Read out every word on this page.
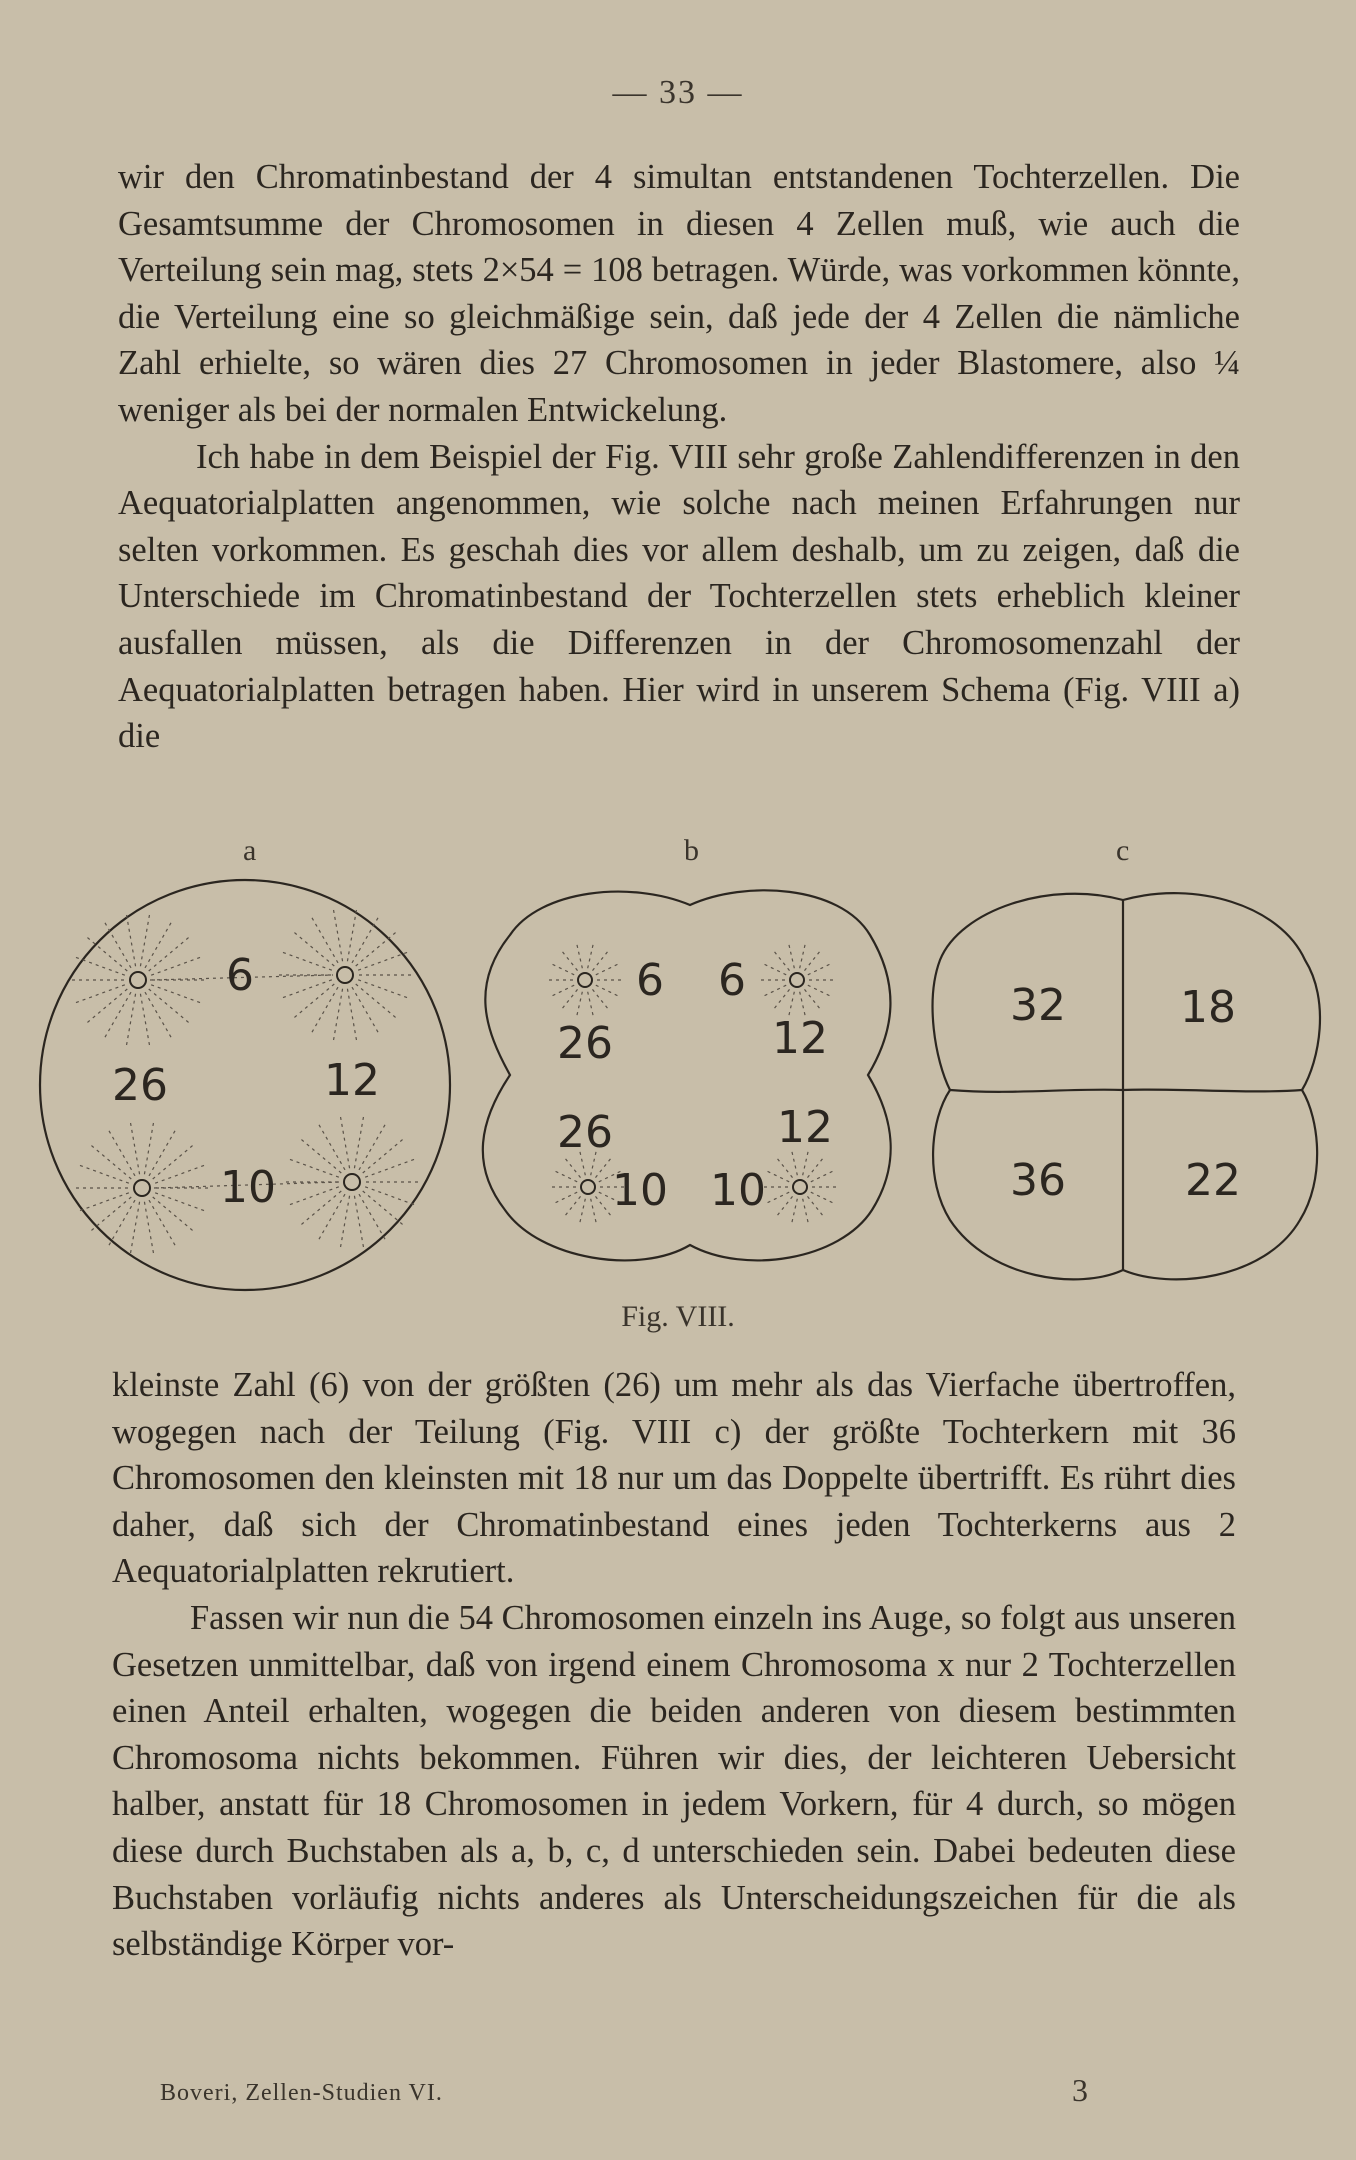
— 33 —

wir den Chromatinbestand der 4 simultan entstandenen Tochterzellen. Die Gesamtsumme der Chromosomen in diesen 4 Zellen muß, wie auch die Verteilung sein mag, stets 2×54 = 108 betragen. Würde, was vorkommen könnte, die Verteilung eine so gleichmäßige sein, daß jede der 4 Zellen die nämliche Zahl erhielte, so wären dies 27 Chromosomen in jeder Blastomere, also ¼ weniger als bei der normalen Entwickelung.

Ich habe in dem Beispiel der Fig. VIII sehr große Zahlendifferenzen in den Aequatorialplatten angenommen, wie solche nach meinen Erfahrungen nur selten vorkommen. Es geschah dies vor allem deshalb, um zu zeigen, daß die Unterschiede im Chromatinbestand der Tochterzellen stets erheblich kleiner ausfallen müssen, als die Differenzen in der Chromosomenzahl der Aequatorialplatten betragen haben. Hier wird in unserem Schema (Fig. VIII a) die

a	b	c
6
26	12
10
6 6
26	12
26	12
10 10
32	18
36	22
Fig. VIII.

kleinste Zahl (6) von der größten (26) um mehr als das Vierfache übertroffen, wogegen nach der Teilung (Fig. VIII c) der größte Tochterkern mit 36 Chromosomen den kleinsten mit 18 nur um das Doppelte übertrifft. Es rührt dies daher, daß sich der Chromatinbestand eines jeden Tochterkerns aus 2 Aequatorialplatten rekrutiert.

Fassen wir nun die 54 Chromosomen einzeln ins Auge, so folgt aus unseren Gesetzen unmittelbar, daß von irgend einem Chromosoma x nur 2 Tochterzellen einen Anteil erhalten, wogegen die beiden anderen von diesem bestimmten Chromosoma nichts bekommen. Führen wir dies, der leichteren Uebersicht halber, anstatt für 18 Chromosomen in jedem Vorkern, für 4 durch, so mögen diese durch Buchstaben als a, b, c, d unterschieden sein. Dabei bedeuten diese Buchstaben vorläufig nichts anderes als Unterscheidungszeichen für die als selbständige Körper vor-

Boveri, Zellen-Studien VI.	3
